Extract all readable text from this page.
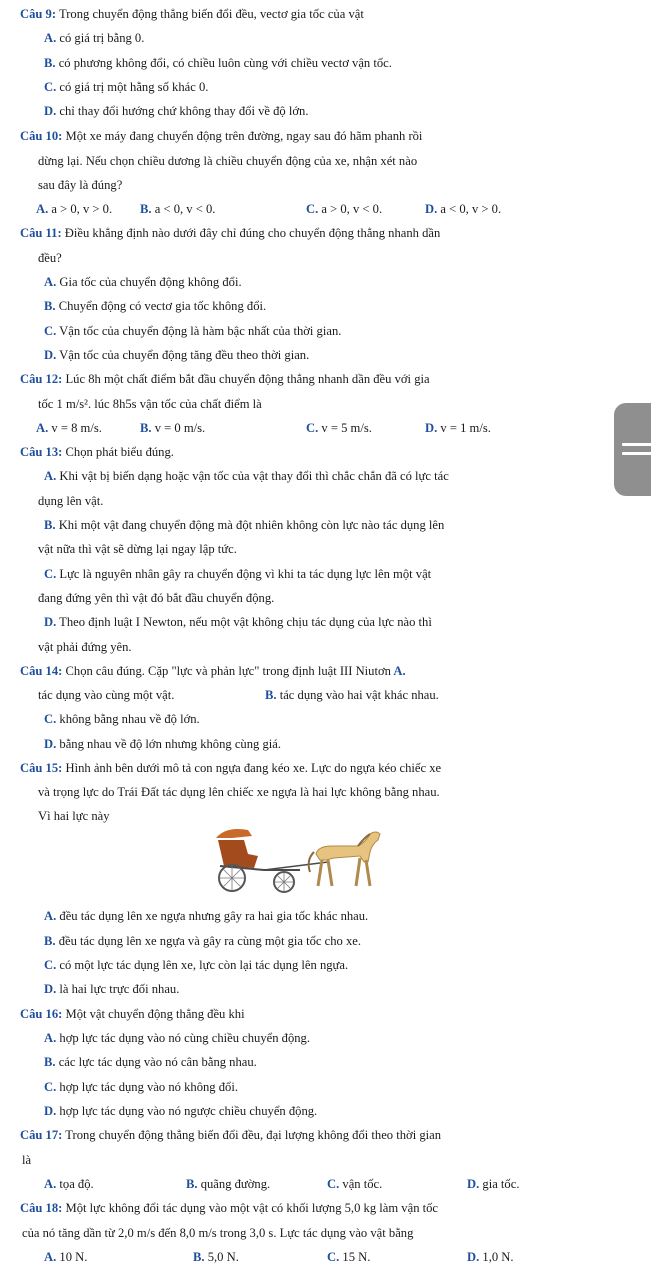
Câu 9: Trong chuyển động thẳng biến đổi đều, vectơ gia tốc của vật
A. có giá trị bằng 0.
B. có phương không đổi, có chiều luôn cùng với chiều vectơ vận tốc.
C. có giá trị một hằng số khác 0.
D. chỉ thay đổi hướng chứ không thay đổi về độ lớn.
Câu 10: Một xe máy đang chuyển động trên đường, ngay sau đó hãm phanh rồi
dừng lại. Nếu chọn chiều dương là chiều chuyển động của xe, nhận xét nào
sau đây là đúng?
A. a > 0, v > 0. B. a < 0, v < 0.	C. a > 0, v < 0.	D. a < 0, v > 0.
Câu 11: Điều khẳng định nào dưới đây chỉ đúng cho chuyển động thẳng nhanh dần
đều?
A. Gia tốc của chuyển động không đổi.
B. Chuyển động có vectơ gia tốc không đổi.
C. Vận tốc của chuyển động là hàm bậc nhất của thời gian.
D. Vận tốc của chuyển động tăng đều theo thời gian.
Câu 12: Lúc 8h một chất điểm bắt đầu chuyển động thẳng nhanh dần đều với gia
tốc 1 m/s². lúc 8h5s vận tốc của chất điểm là
A. v = 8 m/s.	B. v = 0 m/s.	C. v = 5 m/s.	D. v = 1 m/s.
Câu 13: Chọn phát biểu đúng.
A. Khi vật bị biến dạng hoặc vận tốc của vật thay đổi thì chắc chắn đã có lực tác
dụng lên vật.
B. Khi một vật đang chuyển động mà đột nhiên không còn lực nào tác dụng lên
vật nữa thì vật sẽ dừng lại ngay lập tức.
C. Lực là nguyên nhân gây ra chuyển động vì khi ta tác dụng lực lên một vật
đang đứng yên thì vật đó bắt đầu chuyển động.
D. Theo định luật I Newton, nếu một vật không chịu tác dụng của lực nào thì
vật phải đứng yên.
Câu 14: Chọn câu đúng. Cặp "lực và phản lực" trong định luật III Niutơn A.
tác dụng vào cùng một vật.	B. tác dụng vào hai vật khác nhau.
C. không bằng nhau về độ lớn.
D. bằng nhau về độ lớn nhưng không cùng giá.
Câu 15: Hình ảnh bên dưới mô tả con ngựa đang kéo xe. Lực do ngựa kéo chiếc xe
và trọng lực do Trái Đất tác dụng lên chiếc xe ngựa là hai lực không bằng nhau.
Vì hai lực này
A. đều tác dụng lên xe ngựa nhưng gây ra hai gia tốc khác nhau.
B. đều tác dụng lên xe ngựa và gây ra cùng một gia tốc cho xe.
C. có một lực tác dụng lên xe, lực còn lại tác dụng lên ngựa.
D. là hai lực trực đối nhau.
Câu 16: Một vật chuyển động thẳng đều khi
A. hợp lực tác dụng vào nó cùng chiều chuyển động.
B. các lực tác dụng vào nó cân bằng nhau.
C. hợp lực tác dụng vào nó không đổi.
D. hợp lực tác dụng vào nó ngược chiều chuyển động.
Câu 17: Trong chuyển động thẳng biến đổi đều, đại lượng không đổi theo thời gian
là
A. tọa độ.	B. quãng đường.	C. vận tốc.	D. gia tốc.
Câu 18: Một lực không đổi tác dụng vào một vật có khối lượng 5,0 kg làm vận tốc
của nó tăng dần từ 2,0 m/s đến 8,0 m/s trong 3,0 s. Lực tác dụng vào vật bằng
A. 10 N.	B. 5,0 N.	C. 15 N.	D. 1,0 N.
